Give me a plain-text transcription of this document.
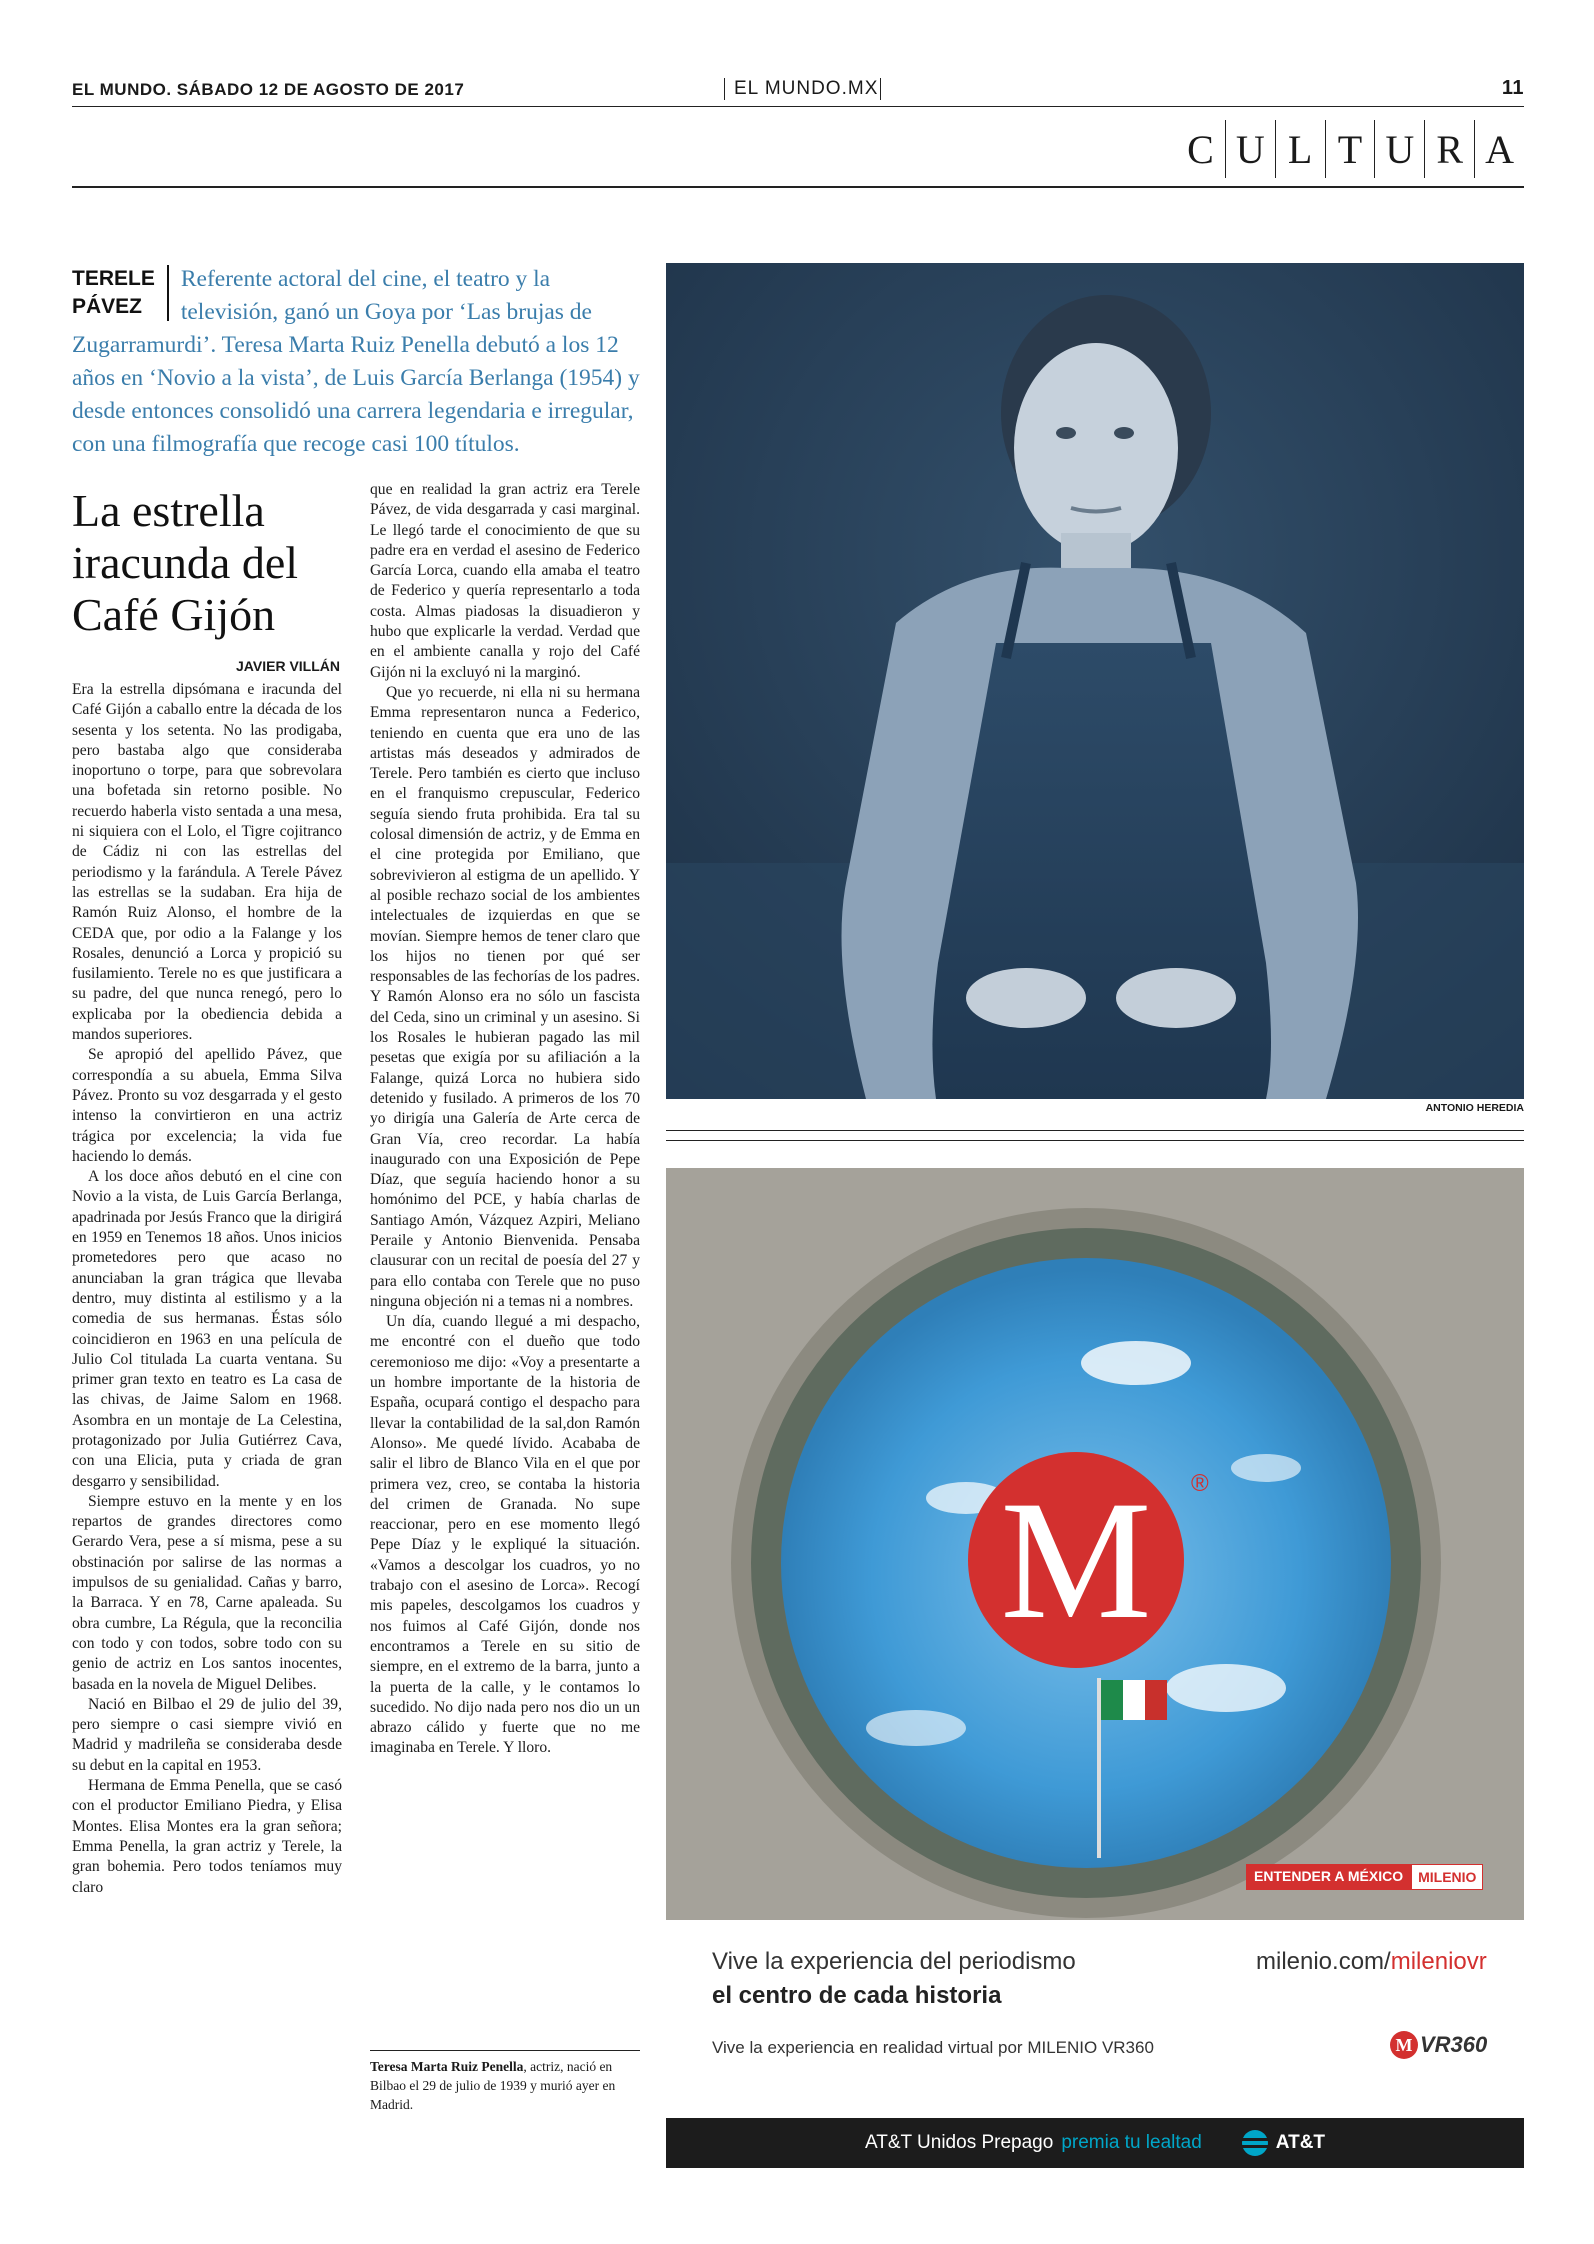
EL MUNDO. SÁBADO 12 DE AGOSTO DE 2017	EL MUNDO.MX	11
C U L T U R A
TERELE
PÁVEZ
Referente actoral del cine, el teatro y la televisión, ganó un Goya por ‘Las brujas de Zugarramurdi’. Teresa Marta Ruiz Penella debutó a los 12 años en ‘Novio a la vista’, de Luis García Berlanga (1954) y desde entonces consolidó una carrera legendaria e irregular, con una filmografía que recoge casi 100 títulos.
La estrella iracunda del Café Gijón
JAVIER VILLÁN

Era la estrella dipsómana e iracunda del Café Gijón a caballo entre la década de los sesenta y los setenta. No las prodigaba, pero bastaba algo que consideraba inoportuno o torpe, para que sobrevolara una bofetada sin retorno posible. No recuerdo haberla visto sentada a una mesa, ni siquiera con el Lolo, el Tigre cojitranco de Cádiz ni con las estrellas del periodismo y la farándula. A Terele Pávez las estrellas se la sudaban. Era hija de Ramón Ruiz Alonso, el hombre de la CEDA que, por odio a la Falange y los Rosales, denunció a Lorca y propició su fusilamiento. Terele no es que justificara a su padre, del que nunca renegó, pero lo explicaba por la obediencia debida a mandos superiores.

Se apropió del apellido Pávez, que correspondía a su abuela, Emma Silva Pávez. Pronto su voz desgarrada y el gesto intenso la convirtieron en una actriz trágica por excelencia; la vida fue haciendo lo demás.

A los doce años debutó en el cine con Novio a la vista, de Luis García Berlanga, apadrinada por Jesús Franco que la dirigirá en 1959 en Tenemos 18 años. Unos inicios prometedores pero que acaso no anunciaban la gran trágica que llevaba dentro, muy distinta al estilismo y a la comedia de sus hermanas. Éstas sólo coincidieron en 1963 en una película de Julio Col titulada La cuarta ventana. Su primer gran texto en teatro es La casa de las chivas, de Jaime Salom en 1968. Asombra en un montaje de La Celestina, protagonizado por Julia Gutiérrez Cava, con una Elicia, puta y criada de gran desgarro y sensibilidad.

Siempre estuvo en la mente y en los repartos de grandes directores como Gerardo Vera, pese a sí misma, pese a su obstinación por salirse de las normas a impulsos de su genialidad. Cañas y barro, la Barraca. Y en 78, Carne apaleada. Su obra cumbre, La Régula, que la reconcilia con todo y con todos, sobre todo con su genio de actriz en Los santos inocentes, basada en la novela de Miguel Delibes.

Nació en Bilbao el 29 de julio del 39, pero siempre o casi siempre vivió en Madrid y madrileña se consideraba desde su debut en la capital en 1953.

Hermana de Emma Penella, que se casó con el productor Emiliano Piedra, y Elisa Montes. Elisa Montes era la gran señora; Emma Penella, la gran actriz y Terele, la gran bohemia. Pero todos teníamos muy claro

que en realidad la gran actriz era Terele Pávez, de vida desgarrada y casi marginal. Le llegó tarde el conocimiento de que su padre era en verdad el asesino de Federico García Lorca, cuando ella amaba el teatro de Federico y quería representarlo a toda costa. Almas piadosas la disuadieron y hubo que explicarle la verdad. Verdad que en el ambiente canalla y rojo del Café Gijón ni la excluyó ni la marginó.

Que yo recuerde, ni ella ni su hermana Emma representaron nunca a Federico, teniendo en cuenta que era uno de las artistas más deseados y admirados de Terele. Pero también es cierto que incluso en el franquismo crepuscular, Federico seguía siendo fruta prohibida. Era tal su colosal dimensión de actriz, y de Emma en el cine protegida por Emiliano, que sobrevivieron al estigma de un apellido. Y al posible rechazo social de los ambientes intelectuales de izquierdas en que se movían. Siempre hemos de tener claro que los hijos no tienen por qué ser responsables de las fechorías de los padres. Y Ramón Alonso era no sólo un fascista del Ceda, sino un criminal y un asesino. Si los Rosales le hubieran pagado las mil pesetas que exigía por su afiliación a la Falange, quizá Lorca no hubiera sido detenido y fusilado. A primeros de los 70 yo dirigía una Galería de Arte cerca de Gran Vía, creo recordar. La había inaugurado con una Exposición de Pepe Díaz, que seguía haciendo honor a su homónimo del PCE, y había charlas de Santiago Amón, Vázquez Azpiri, Meliano Peraile y Antonio Bienvenida. Pensaba clausurar con un recital de poesía del 27 y para ello contaba con Terele que no puso ninguna objeción ni a temas ni a nombres.

Un día, cuando llegué a mi despacho, me encontré con el dueño que todo ceremonioso me dijo: «Voy a presentarte a un hombre importante de la historia de España, ocupará contigo el despacho para llevar la contabilidad de la sal,don Ramón Alonso». Me quedé lívido. Acababa de salir el libro de Blanco Vila en el que por primera vez, creo, se contaba la historia del crimen de Granada. No supe reaccionar, pero en ese momento llegó Pepe Díaz y le expliqué la situación. «Vamos a descolgar los cuadros, yo no trabajo con el asesino de Lorca». Recogí mis papeles, descolgamos los cuadros y nos fuimos al Café Gijón, donde nos encontramos a Terele en su sitio de siempre, en el extremo de la barra, junto a la puerta de la calle, y le contamos lo sucedido. No dijo nada pero nos dio un un abrazo cálido y fuerte que no me imaginaba en Terele. Y lloro.

Teresa Marta Ruiz Penella, actriz, nació en Bilbao el 29 de julio de 1939 y murió ayer en Madrid.
ANTONIO HEREDIA
M	®
ENTENDER A MÉXICO	MILENIO
Vive la experiencia del periodismo
el centro de cada historia
milenio.com/mileniovr
Vive la experiencia en realidad virtual por MILENIO VR360	M VR360
AT&T Unidos Prepago premia tu lealtad	AT&T
